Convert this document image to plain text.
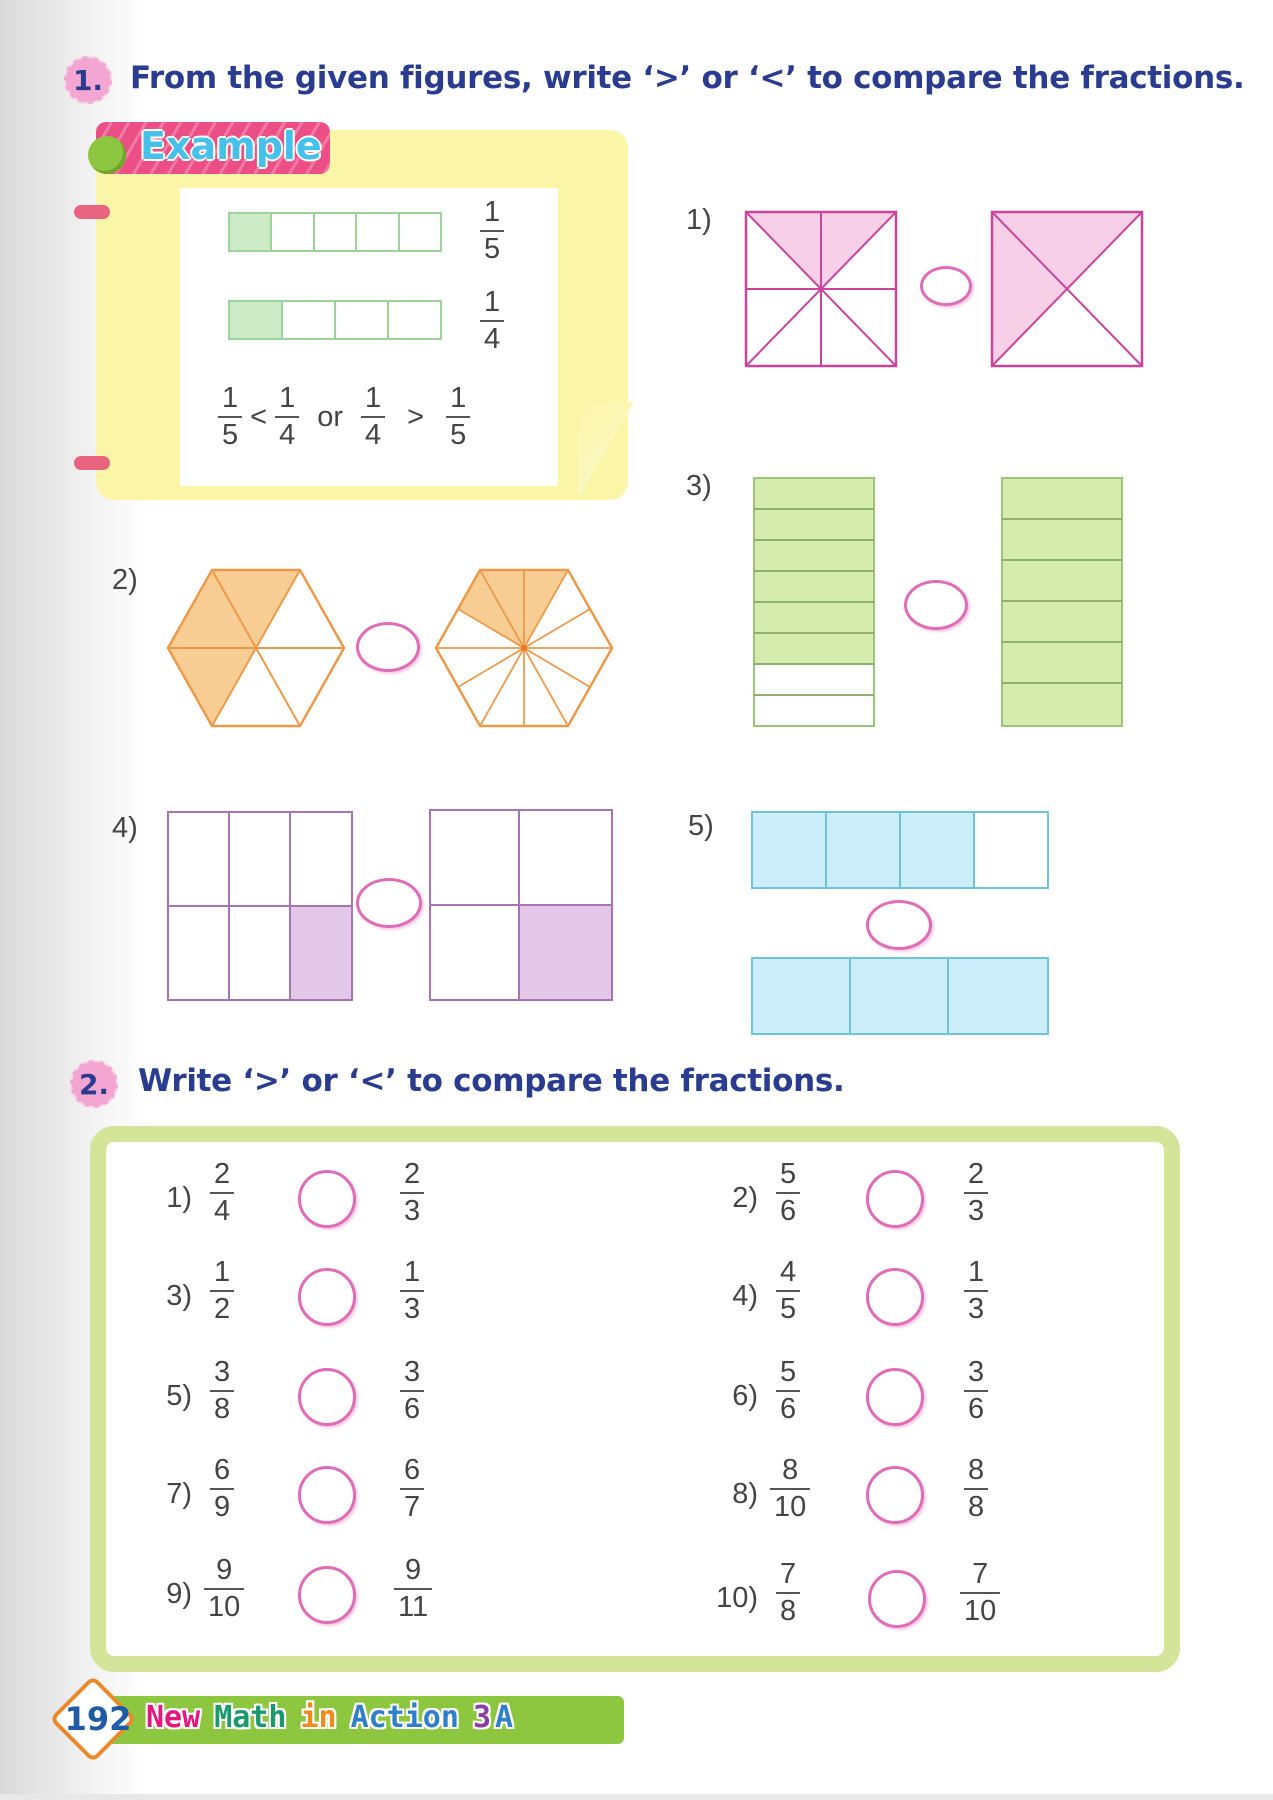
1. From the given figures, write ‘>’ or ‘<’ to compare the fractions.
Example
$\frac{1}{5}$
$\frac{1}{4}$
$\frac{1}{5} < \frac{1}{4}$ or $\frac{1}{4} > \frac{1}{5}$
1)
2)
3)
4)	5)
2. Write ‘>’ or ‘<’ to compare the fractions.
$1) \frac{2}{4}$	$\frac{2}{3}$
$3) \frac{1}{2}$	$\frac{1}{3}$
$5) \frac{3}{8}$	$\frac{3}{6}$
$7) \frac{6}{9}$	$\frac{6}{7}$
$9) \frac{9}{10}$	$\frac{9}{11}$
$2) \frac{5}{6}$	$\frac{2}{3}$
$4) \frac{4}{5}$	$\frac{1}{3}$
$6) \frac{5}{6}$	$\frac{3}{6}$
$8) \frac{8}{10}$	$\frac{8}{8}$
$10) \frac{7}{8}$	$\frac{7}{10}$
192 New Math in Action 3 A
